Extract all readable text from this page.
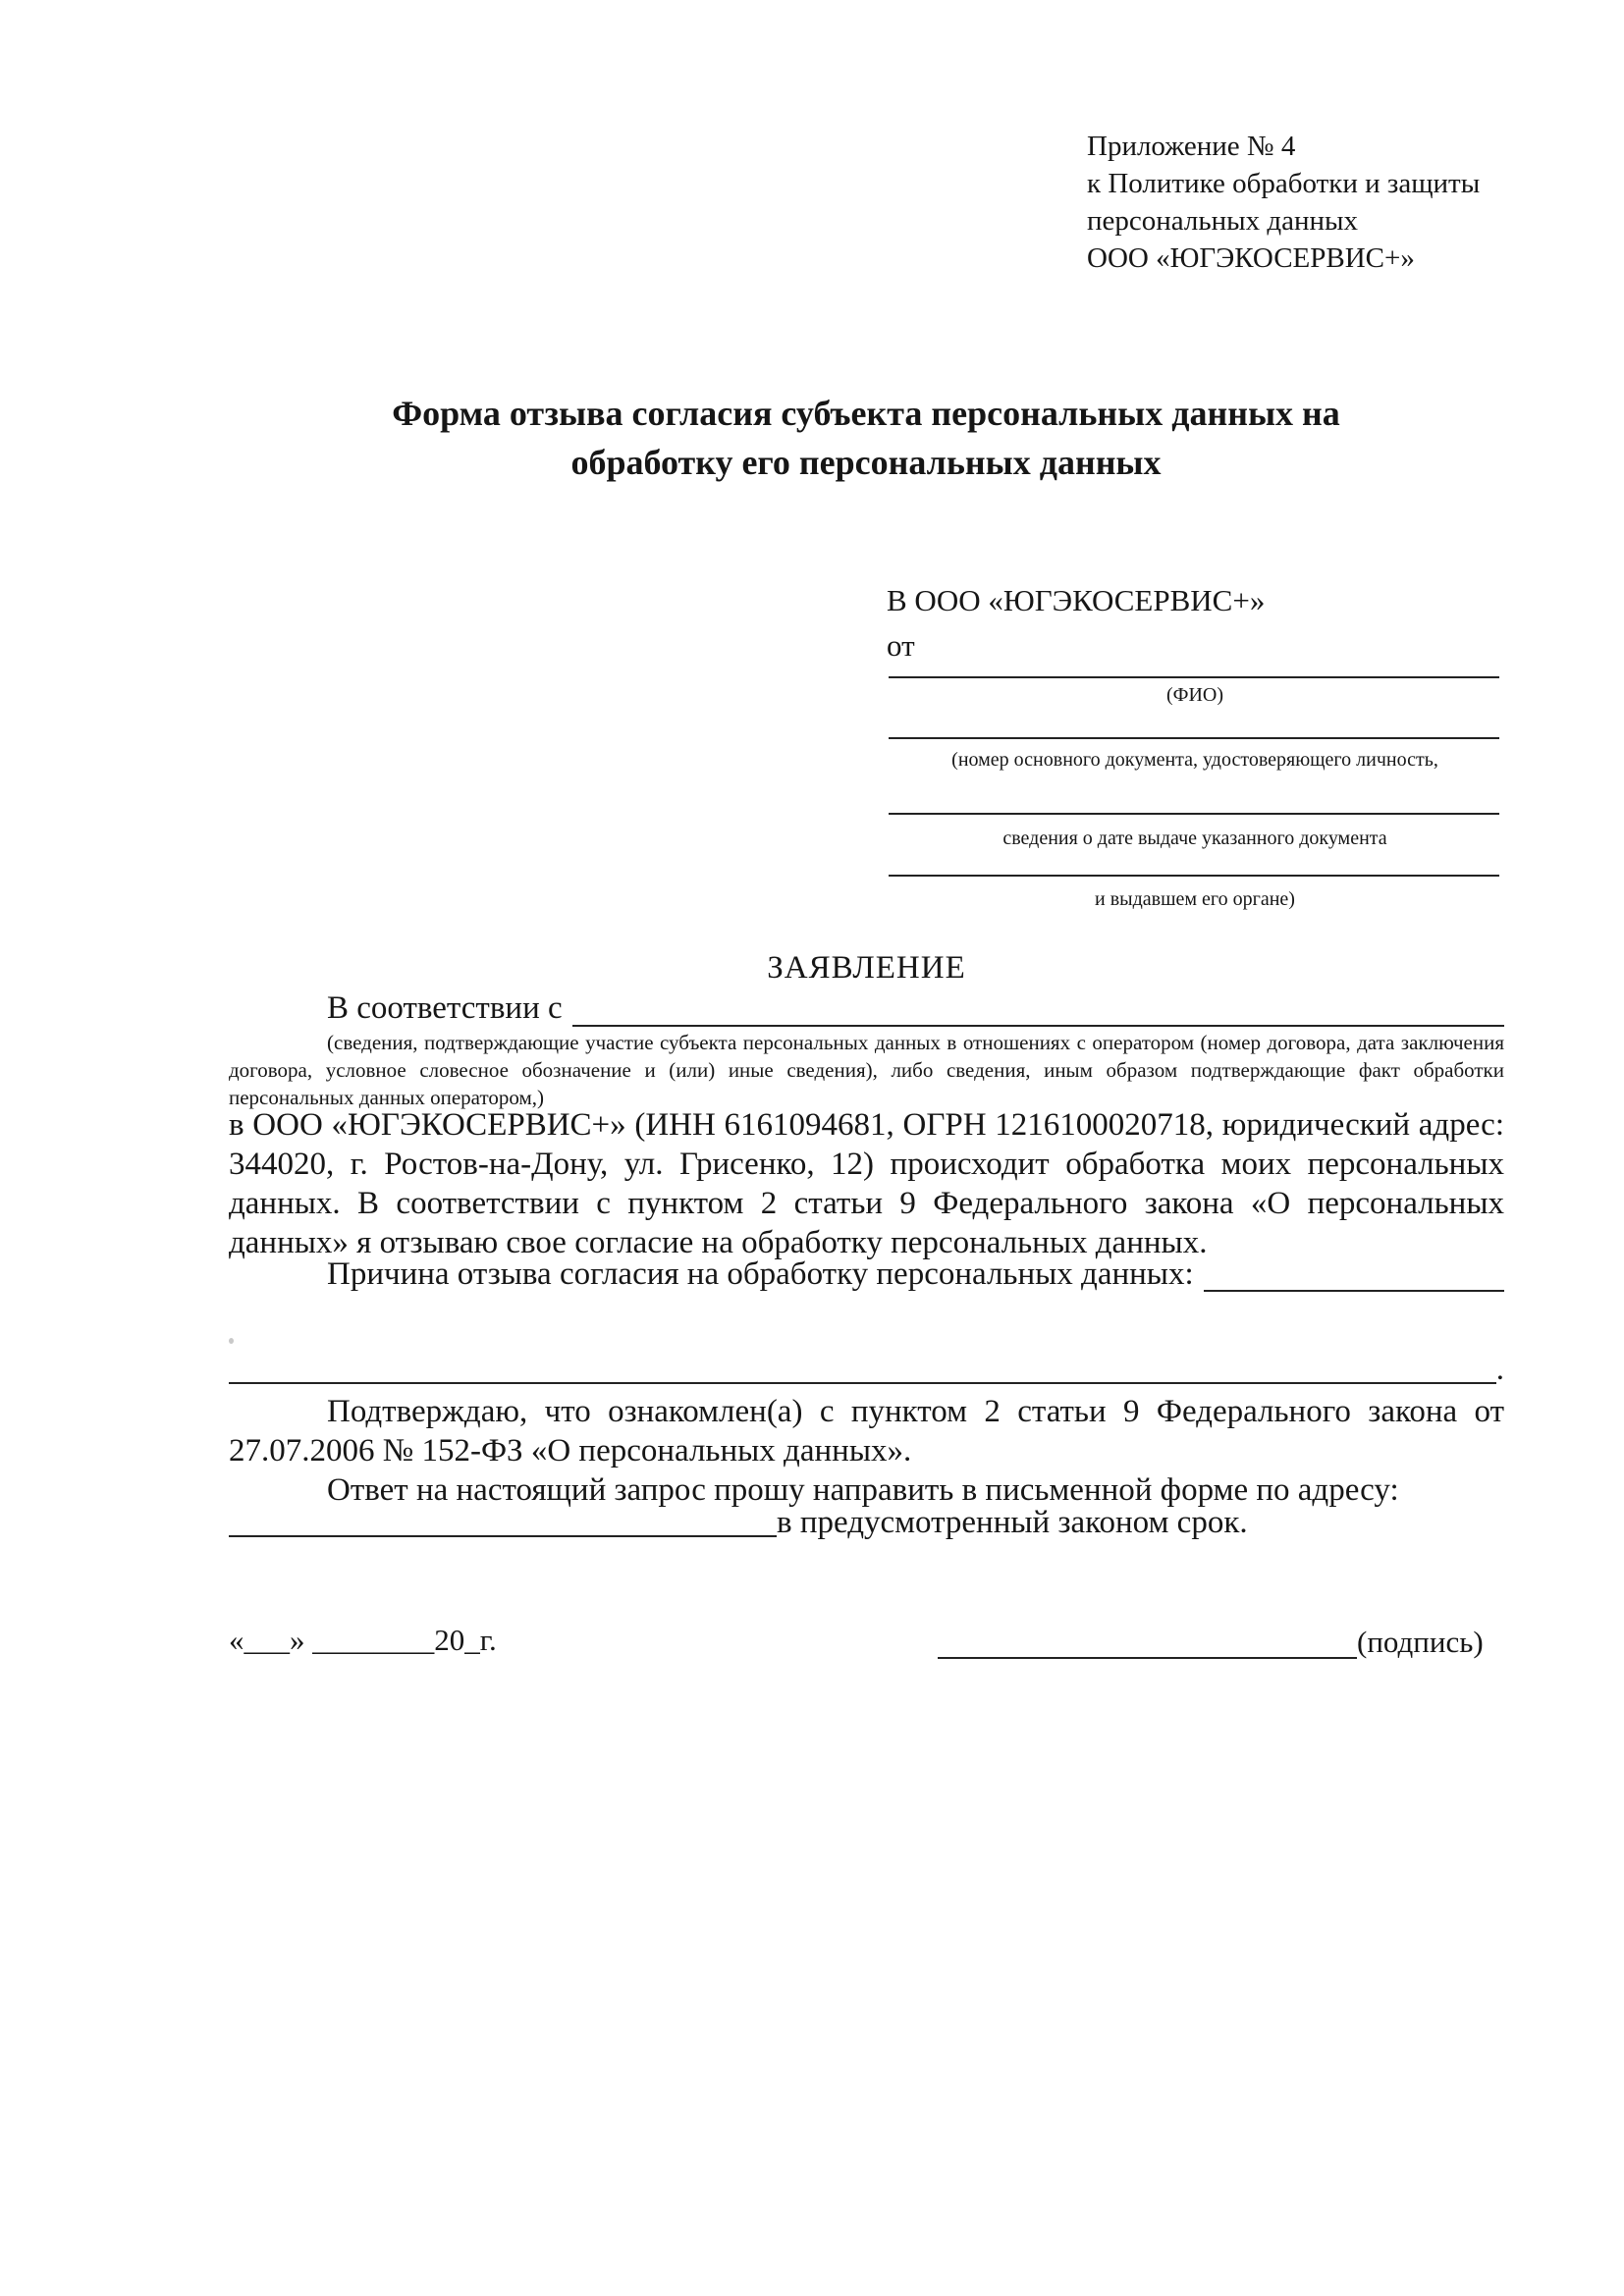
Приложение № 4
к Политике обработки и защиты
персональных данных
ООО «ЮГЭКОСЕРВИС+»
Форма отзыва согласия субъекта персональных данных на обработку его персональных данных
В ООО «ЮГЭКОСЕРВИС+»
от
(ФИО)
(номер основного документа, удостоверяющего личность,
сведения о дате выдаче указанного документа
и выдавшем его органе)
ЗАЯВЛЕНИЕ
В соответствии с
(сведения, подтверждающие участие субъекта персональных данных в отношениях с оператором (номер договора, дата заключения договора, условное словесное обозначение и (или) иные сведения), либо сведения, иным образом подтверждающие факт обработки персональных данных оператором,)
в ООО «ЮГЭКОСЕРВИС+» (ИНН 6161094681, ОГРН 1216100020718, юридический адрес: 344020, г. Ростов-на-Дону, ул. Грисенко, 12) происходит обработка моих персональных данных. В соответствии с пунктом 2 статьи 9 Федерального закона «О персональных данных» я отзываю свое согласие на обработку персональных данных.
Причина отзыва согласия на обработку персональных данных:
.
Подтверждаю, что ознакомлен(а) с пунктом 2 статьи 9 Федерального закона от 27.07.2006 № 152-ФЗ «О персональных данных».
Ответ на настоящий запрос прошу направить в письменной форме по адресу:
в предусмотренный законом срок.
«___» ________20_г.	(подпись)
